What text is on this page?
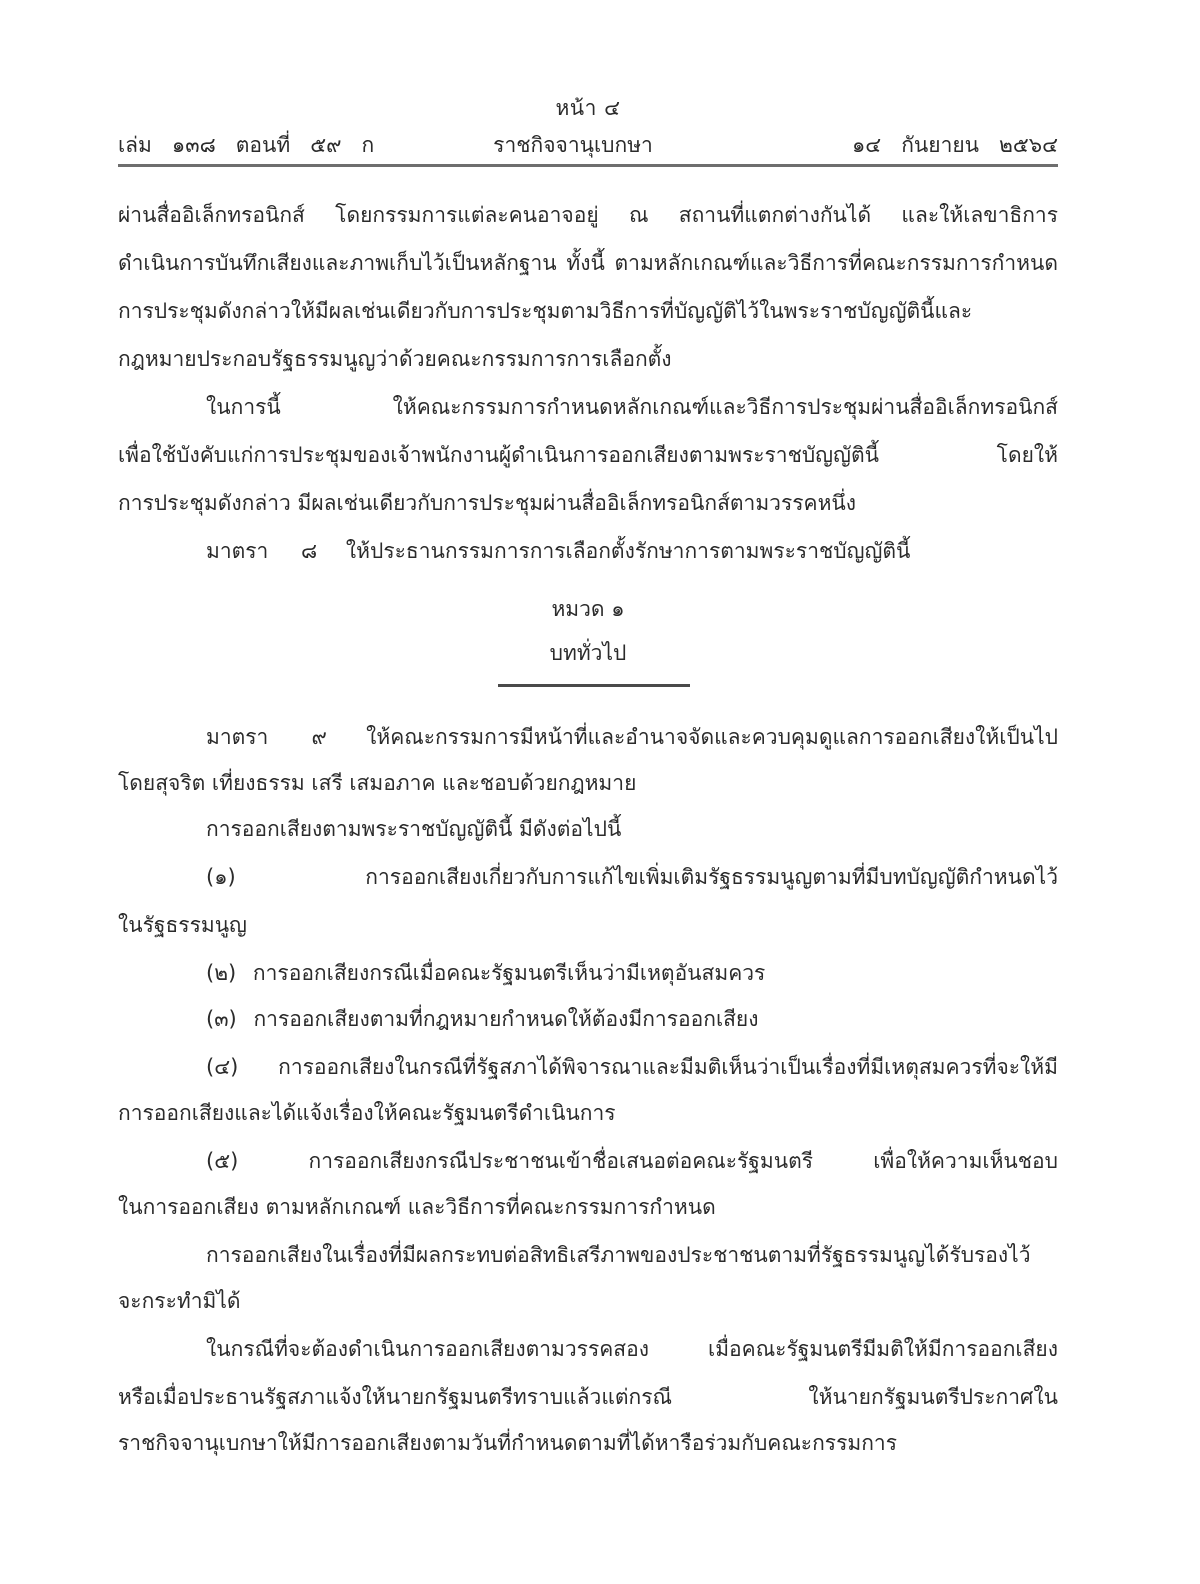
หน้า ๔
เล่ม ๑๓๘ ตอนที่ ๕๙ ก	ราชกิจจานุเบกษา	๑๔ กันยายน ๒๕๖๔
ผ่านสื่ออิเล็กทรอนิกส์ โดยกรรมการแต่ละคนอาจอยู่ ณ สถานที่แตกต่างกันได้ และให้เลขาธิการ
ดำเนินการบันทึกเสียงและภาพเก็บไว้เป็นหลักฐาน ทั้งนี้ ตามหลักเกณฑ์และวิธีการที่คณะกรรมการกำหนด
การประชุมดังกล่าวให้มีผลเช่นเดียวกับการประชุมตามวิธีการที่บัญญัติไว้ในพระราชบัญญัตินี้และ
กฎหมายประกอบรัฐธรรมนูญว่าด้วยคณะกรรมการการเลือกตั้ง
ในการนี้ ให้คณะกรรมการกำหนดหลักเกณฑ์และวิธีการประชุมผ่านสื่ออิเล็กทรอนิกส์
เพื่อใช้บังคับแก่การประชุมของเจ้าพนักงานผู้ดำเนินการออกเสียงตามพระราชบัญญัตินี้ โดยให้
การประชุมดังกล่าว มีผลเช่นเดียวกับการประชุมผ่านสื่ออิเล็กทรอนิกส์ตามวรรคหนึ่ง
มาตรา ๘ ให้ประธานกรรมการการเลือกตั้งรักษาการตามพระราชบัญญัตินี้
หมวด ๑
บททั่วไป
มาตรา ๙ ให้คณะกรรมการมีหน้าที่และอำนาจจัดและควบคุมดูแลการออกเสียงให้เป็นไป
โดยสุจริต เที่ยงธรรม เสรี เสมอภาค และชอบด้วยกฎหมาย
การออกเสียงตามพระราชบัญญัตินี้ มีดังต่อไปนี้
(๑)	การออกเสียงเกี่ยวกับการแก้ไขเพิ่มเติมรัฐธรรมนูญตามที่มีบทบัญญัติกำหนดไว้
ในรัฐธรรมนูญ
(๒) การออกเสียงกรณีเมื่อคณะรัฐมนตรีเห็นว่ามีเหตุอันสมควร
(๓) การออกเสียงตามที่กฎหมายกำหนดให้ต้องมีการออกเสียง
(๔) การออกเสียงในกรณีที่รัฐสภาได้พิจารณาและมีมติเห็นว่าเป็นเรื่องที่มีเหตุสมควรที่จะให้มี
การออกเสียงและได้แจ้งเรื่องให้คณะรัฐมนตรีดำเนินการ
(๕)	การออกเสียงกรณีประชาชนเข้าชื่อเสนอต่อคณะรัฐมนตรี เพื่อให้ความเห็นชอบ
ในการออกเสียง ตามหลักเกณฑ์ และวิธีการที่คณะกรรมการกำหนด
การออกเสียงในเรื่องที่มีผลกระทบต่อสิทธิเสรีภาพของประชาชนตามที่รัฐธรรมนูญได้รับรองไว้
จะกระทำมิได้
ในกรณีที่จะต้องดำเนินการออกเสียงตามวรรคสอง เมื่อคณะรัฐมนตรีมีมติให้มีการออกเสียง
หรือเมื่อประธานรัฐสภาแจ้งให้นายกรัฐมนตรีทราบแล้วแต่กรณี ให้นายกรัฐมนตรีประกาศใน
ราชกิจจานุเบกษาให้มีการออกเสียงตามวันที่กำหนดตามที่ได้หารือร่วมกับคณะกรรมการ
